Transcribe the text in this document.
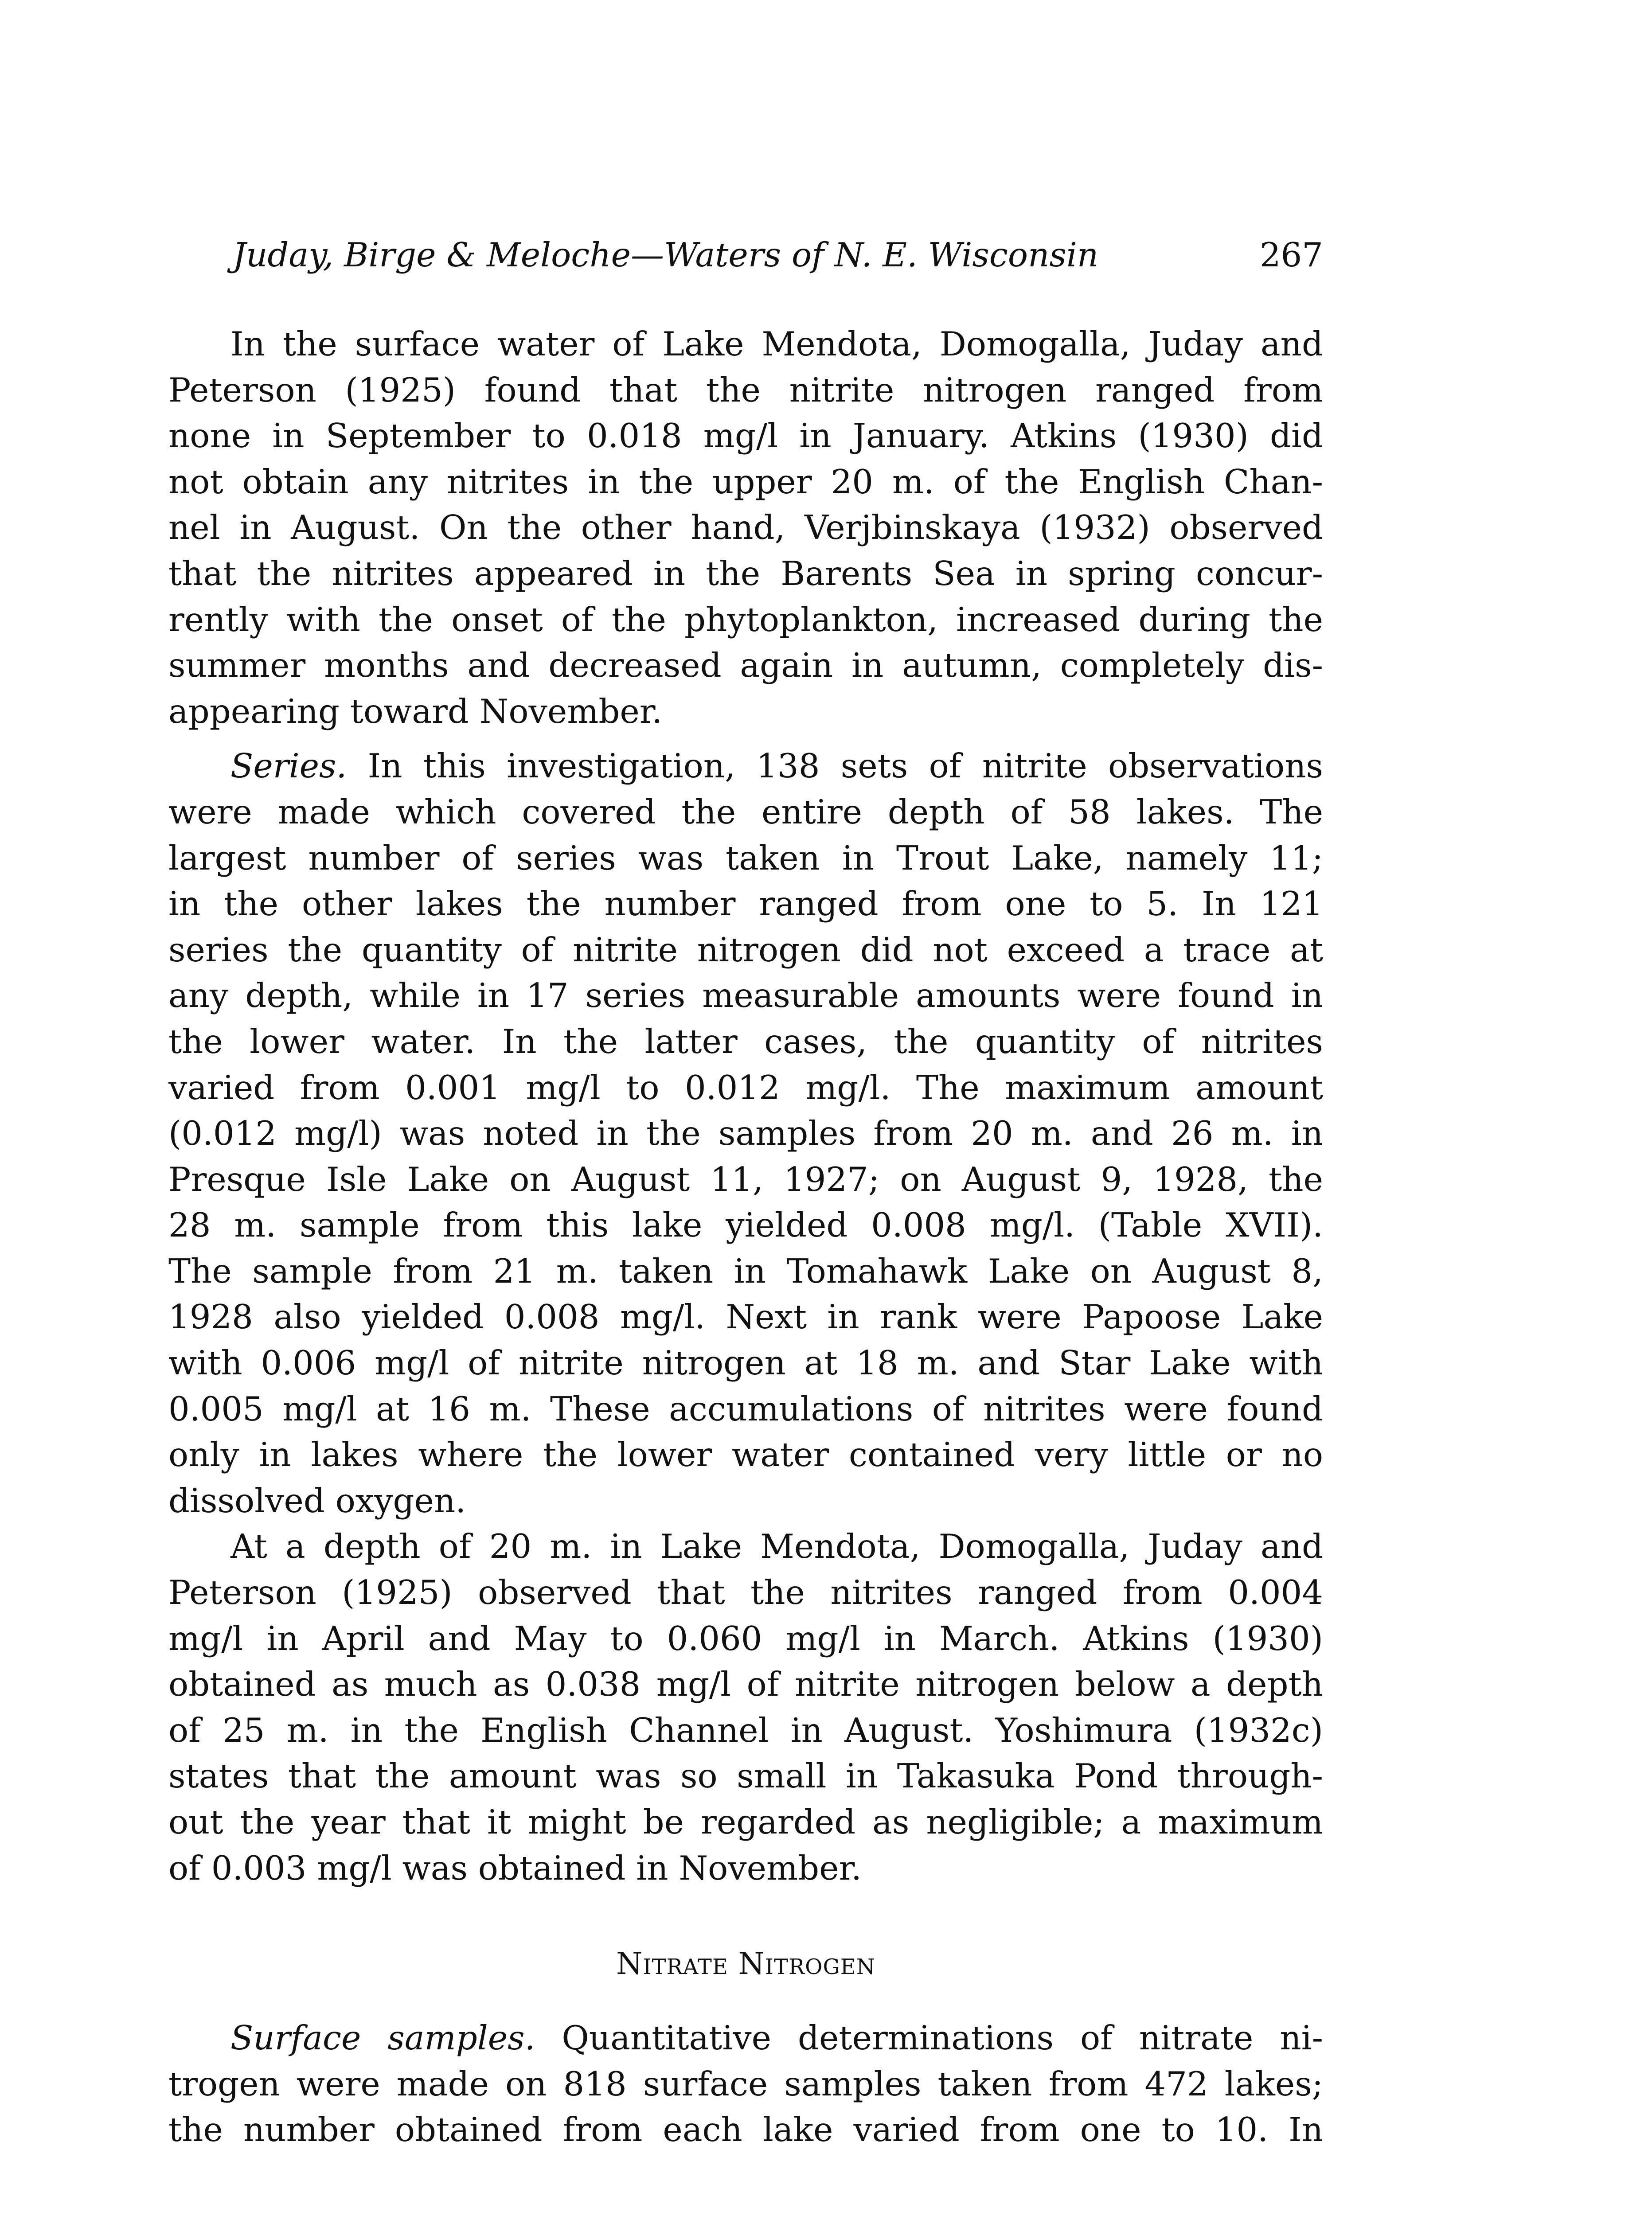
Juday, Birge & Meloche—Waters of N. E. Wisconsin	267
In the surface water of Lake Mendota, Domogalla, Juday and
Peterson (1925) found that the nitrite nitrogen ranged from
none in September to 0.018 mg/l in January. Atkins (1930) did
not obtain any nitrites in the upper 20 m. of the English Chan-
nel in August. On the other hand, Verjbinskaya (1932) observed
that the nitrites appeared in the Barents Sea in spring concur-
rently with the onset of the phytoplankton, increased during the
summer months and decreased again in autumn, completely dis-
appearing toward November.
Series. In this investigation, 138 sets of nitrite observations
were made which covered the entire depth of 58 lakes. The
largest number of series was taken in Trout Lake, namely 11;
in the other lakes the number ranged from one to 5. In 121
series the quantity of nitrite nitrogen did not exceed a trace at
any depth, while in 17 series measurable amounts were found in
the lower water. In the latter cases, the quantity of nitrites
varied from 0.001 mg/l to 0.012 mg/l. The maximum amount
(0.012 mg/l) was noted in the samples from 20 m. and 26 m. in
Presque Isle Lake on August 11, 1927; on August 9, 1928, the
28 m. sample from this lake yielded 0.008 mg/l. (Table XVII).
The sample from 21 m. taken in Tomahawk Lake on August 8,
1928 also yielded 0.008 mg/l. Next in rank were Papoose Lake
with 0.006 mg/l of nitrite nitrogen at 18 m. and Star Lake with
0.005 mg/l at 16 m. These accumulations of nitrites were found
only in lakes where the lower water contained very little or no
dissolved oxygen.
At a depth of 20 m. in Lake Mendota, Domogalla, Juday and
Peterson (1925) observed that the nitrites ranged from 0.004
mg/l in April and May to 0.060 mg/l in March. Atkins (1930)
obtained as much as 0.038 mg/l of nitrite nitrogen below a depth
of 25 m. in the English Channel in August. Yoshimura (1932c)
states that the amount was so small in Takasuka Pond through-
out the year that it might be regarded as negligible; a maximum
of 0.003 mg/l was obtained in November.
Nitrate Nitrogen
Surface samples. Quantitative determinations of nitrate ni-
trogen were made on 818 surface samples taken from 472 lakes;
the number obtained from each lake varied from one to 10. In
